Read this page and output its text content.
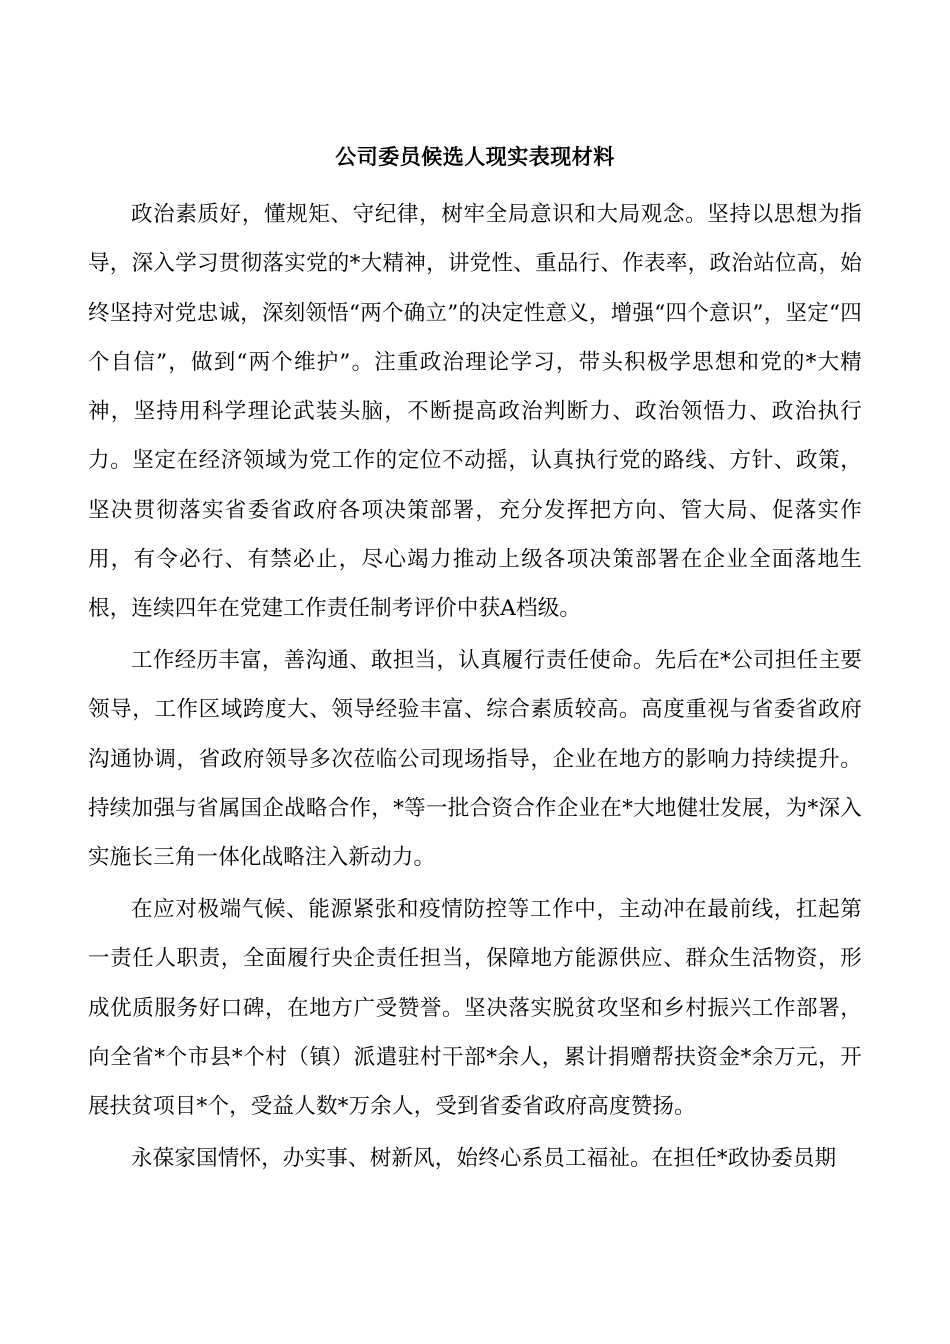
公司委员候选人现实表现材料

政治素质好，懂规矩、守纪律，树牢全局意识和大局观念。坚持以思想为指导，深入学习贯彻落实党的*大精神，讲党性、重品行、作表率，政治站位高，始终坚持对党忠诚，深刻领悟“两个确立”的决定性意义，增强“四个意识”，坚定“四个自信”，做到“两个维护”。注重政治理论学习，带头积极学思想和党的*大精神，坚持用科学理论武装头脑，不断提高政治判断力、政治领悟力、政治执行力。坚定在经济领域为党工作的定位不动摇，认真执行党的路线、方针、政策，坚决贯彻落实省委省政府各项决策部署，充分发挥把方向、管大局、促落实作用，有令必行、有禁必止，尽心竭力推动上级各项决策部署在企业全面落地生根，连续四年在党建工作责任制考评价中获A档级。

工作经历丰富，善沟通、敢担当，认真履行责任使命。先后在*公司担任主要领导，工作区域跨度大、领导经验丰富、综合素质较高。高度重视与省委省政府沟通协调，省政府领导多次莅临公司现场指导，企业在地方的影响力持续提升。持续加强与省属国企战略合作，*等一批合资合作企业在*大地健壮发展，为*深入实施长三角一体化战略注入新动力。

在应对极端气候、能源紧张和疫情防控等工作中，主动冲在最前线，扛起第一责任人职责，全面履行央企责任担当，保障地方能源供应、群众生活物资，形成优质服务好口碑，在地方广受赞誉。坚决落实脱贫攻坚和乡村振兴工作部署，向全省*个市县*个村（镇）派遣驻村干部*余人，累计捐赠帮扶资金*余万元，开展扶贫项目*个，受益人数*万余人，受到省委省政府高度赞扬。

永葆家国情怀，办实事、树新风，始终心系员工福祉。在担任*政协委员期
